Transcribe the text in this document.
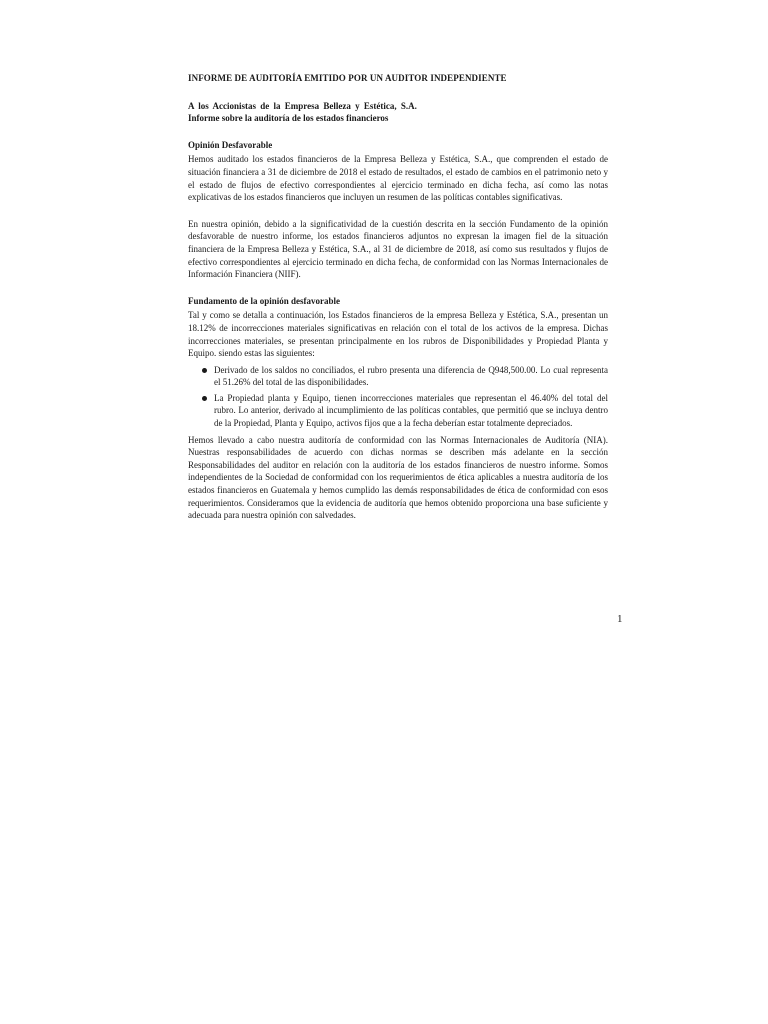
INFORME DE AUDITORÍA EMITIDO POR UN AUDITOR INDEPENDIENTE

A los Accionistas de la Empresa Belleza y Estética, S.A.

Informe sobre la auditoría de los estados financieros

Opinión Desfavorable

Hemos auditado los estados financieros de la Empresa Belleza y Estética, S.A., que comprenden el estado de situación financiera a 31 de diciembre de 2018 el estado de resultados, el estado de cambios en el patrimonio neto y el estado de flujos de efectivo correspondientes al ejercicio terminado en dicha fecha, así como las notas explicativas de los estados financieros que incluyen un resumen de las políticas contables significativas.

En nuestra opinión, debido a la significatividad de la cuestión descrita en la sección Fundamento de la opinión desfavorable de nuestro informe, los estados financieros adjuntos no expresan la imagen fiel de la situación financiera de la Empresa Belleza y Estética, S.A., al 31 de diciembre de 2018, así como sus resultados y flujos de efectivo correspondientes al ejercicio terminado en dicha fecha, de conformidad con las Normas Internacionales de Información Financiera (NIIF).

Fundamento de la opinión desfavorable

Tal y como se detalla a continuación, los Estados financieros de la empresa Belleza y Estética, S.A., presentan un 18.12% de incorrecciones materiales significativas en relación con el total de los activos de la empresa. Dichas incorrecciones materiales, se presentan principalmente en los rubros de Disponibilidades y Propiedad Planta y Equipo. siendo estas las siguientes:

Derivado de los saldos no conciliados, el rubro presenta una diferencia de Q948,500.00. Lo cual representa el 51.26% del total de las disponibilidades.
La Propiedad planta y Equipo, tienen incorrecciones materiales que representan el 46.40% del total del rubro. Lo anterior, derivado al incumplimiento de las políticas contables, que permitió que se incluya dentro de la Propiedad, Planta y Equipo, activos fijos que a la fecha deberían estar totalmente depreciados.

Hemos llevado a cabo nuestra auditoría de conformidad con las Normas Internacionales de Auditoría (NIA). Nuestras responsabilidades de acuerdo con dichas normas se describen más adelante en la sección Responsabilidades del auditor en relación con la auditoría de los estados financieros de nuestro informe. Somos independientes de la Sociedad de conformidad con los requerimientos de ética aplicables a nuestra auditoría de los estados financieros en Guatemala y hemos cumplido las demás responsabilidades de ética de conformidad con esos requerimientos. Consideramos que la evidencia de auditoría que hemos obtenido proporciona una base suficiente y adecuada para nuestra opinión con salvedades.

1
